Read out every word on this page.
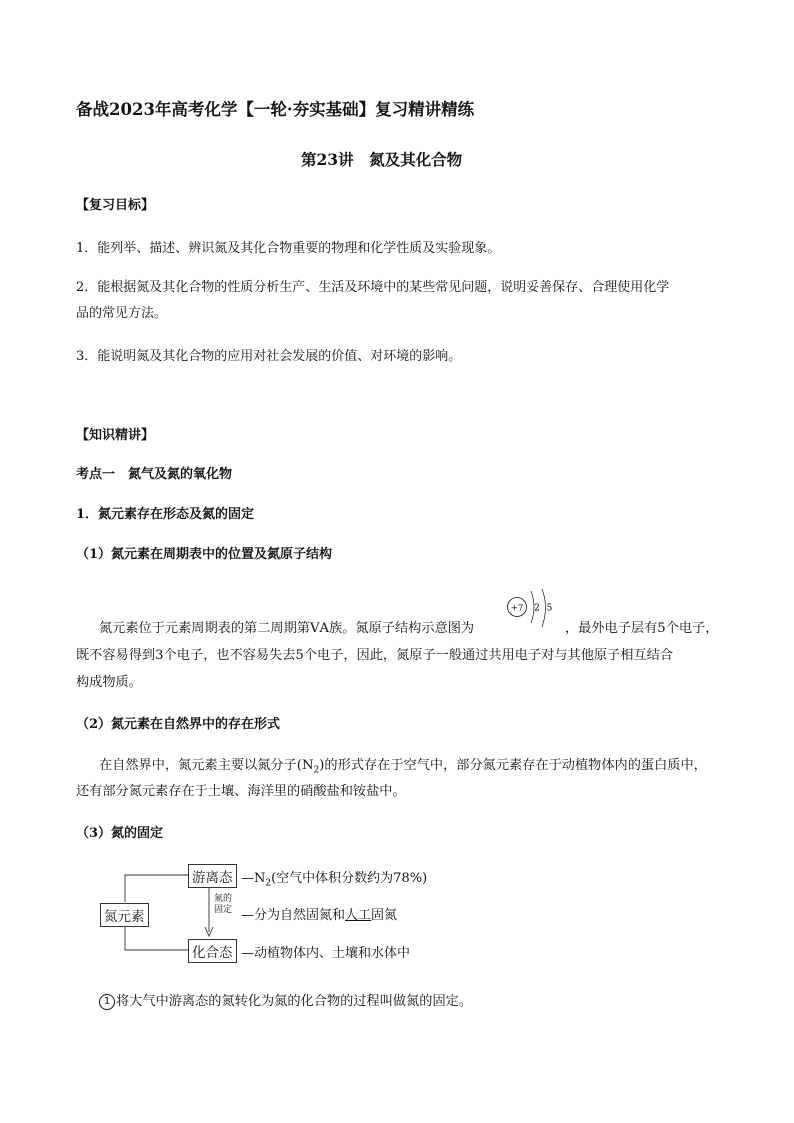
备战2023年高考化学【一轮·夯实基础】复习精讲精练
第23讲　氮及其化合物
【复习目标】
1．能列举、描述、辨识氮及其化合物重要的物理和化学性质及实验现象。
2．能根据氮及其化合物的性质分析生产、生活及环境中的某些常见问题，说明妥善保存、合理使用化学
品的常见方法。
3．能说明氮及其化合物的应用对社会发展的价值、对环境的影响。
【知识精讲】
考点一　氮气及氮的氧化物
1．氮元素存在形态及氮的固定
（1）氮元素在周期表中的位置及氮原子结构
氮元素位于元素周期表的第二周期第ⅤA族。氮原子结构示意图为
+7 2 5
，最外电子层有5个电子，
既不容易得到3个电子，也不容易失去5个电子，因此，氮原子一般通过共用电子对与其他原子相互结合
构成物质。
（2）氮元素在自然界中的存在形式
在自然界中，氮元素主要以氮分子$(N_2)$的形式存在于空气中，部分氮元素存在于动植物体内的蛋白质中，
还有部分氮元素存在于土壤、海洋里的硝酸盐和铵盐中。
（3）氮的固定
氮元素
游离态
化合态
$—N_2$(空气中体积分数约为78%)
氮的
固定 —分为自然固氮和人工固氮
—动植物体内、土壤和水体中
1 将大气中游离态的氮转化为氮的化合物的过程叫做氮的固定。
